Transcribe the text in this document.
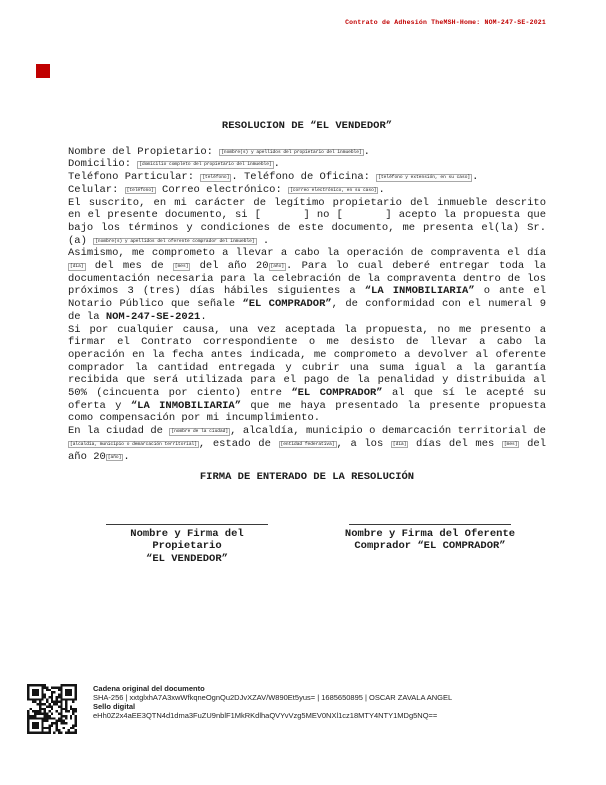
Contrato de Adhesión TheMSH-Home: NOM-247-SE-2021
RESOLUCION DE “EL VENDEDOR”
Nombre del Propietario: [nombre(s) y apellidos del propietario del inmueble] .
Domicilio: [domicilio completo del propietario del inmueble] .
Teléfono Particular: [teléfono] . Teléfono de Oficina: [teléfono y extensión, en su caso] .
Celular: [teléfono] Correo electrónico: [correo electrónico, en su caso] .

El suscrito, en mi carácter de legítimo propietario del inmueble descrito en el presente documento, si [      ] no [      ] acepto la propuesta que bajo los términos y condiciones de este documento, me presenta el(la) Sr.(a) [nombre(s) y apellidos del oferente comprador del inmueble] .

Asimismo, me comprometo a llevar a cabo la operación de compraventa el día [día] del mes de [mes] del año 20 [año] . Para lo cual deberé entregar toda la documentación necesaria para la celebración de la compraventa dentro de los próximos 3 (tres) días hábiles siguientes a “LA INMOBILIARIA” o ante el Notario Público que señale “EL COMPRADOR”, de conformidad con el numeral 9 de la NOM-247-SE-2021.

Si por cualquier causa, una vez aceptada la propuesta, no me presento a firmar el Contrato correspondiente o me desisto de llevar a cabo la operación en la fecha antes indicada, me comprometo a devolver al oferente comprador la cantidad entregada y cubrir una suma igual a la garantía recibida que será utilizada para el pago de la penalidad y distribuida al 50% (cincuenta por ciento) entre “EL COMPRADOR” al que sí le acepté su oferta y “LA INMOBILIARIA” que me haya presentado la presente propuesta como compensación por mi incumplimiento.

En la ciudad de [nombre de la ciudad] , alcaldía, municipio o demarcación territorial de [alcaldía, municipio o demarcación territorial] , estado de [entidad federativa] , a los [día] días del mes [mes] del año 20 [año] .

FIRMA DE ENTERADO DE LA RESOLUCIÓN
Nombre y Firma del Propietario
“EL VENDEDOR”
Nombre y Firma del Oferente
Comprador “EL COMPRADOR”
Cadena original del documento
SHA-256 | xxtglxhA7A3xwWfkqneOgnQu2DJvXZAV/W890Et5yus= | 1685650895 | OSCAR ZAVALA ANGEL
Sello digital
eHh0Z2x4aEE3QTN4d1dma3FuZU9nblF1MkRKdlhaQVYvVzg5MEV0NXl1cz18MTY4NTY1MDg5NQ==
